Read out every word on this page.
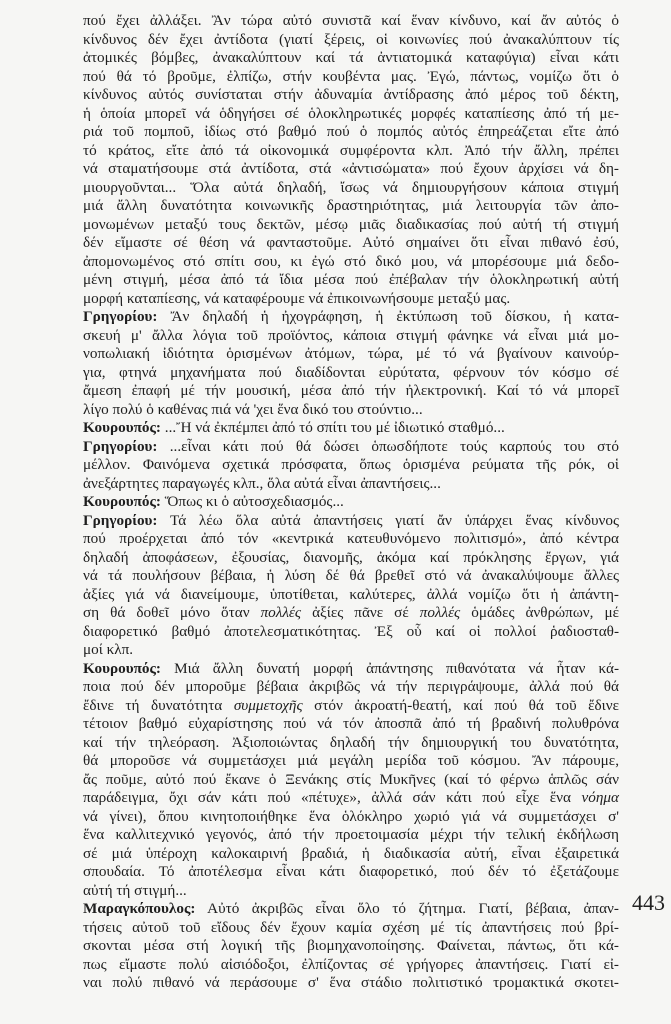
πού ἔχει ἀλλάξει. Ἂν τώρα αὐτό συνιστᾶ καί ἕναν κίνδυνο, καί ἄν αὐτός ὁ
κίνδυνος δέν ἔχει ἀντίδοτα (γιατί ξέρεις, οἱ κοινωνίες πού ἀνακαλύπτουν τίς
ἀτομικές βόμβες, ἀνακαλύπτουν καί τά ἀντιατομικά καταφύγια) εἶναι κάτι
πού θά τό βροῦμε, ἐλπίζω, στήν κουβέντα μας. Ἐγώ, πάντως, νομίζω ὅτι ὁ
κίνδυνος αὐτός συνίσταται στήν ἀδυναμία ἀντίδρασης ἀπό μέρος τοῦ δέκτη,
ἡ ὁποία μπορεῖ νά ὁδηγήσει σέ ὁλοκληρωτικές μορφές καταπίεσης ἀπό τή με-
ριά τοῦ πομποῦ, ἰδίως στό βαθμό πού ὁ πομπός αὐτός ἐπηρεάζεται εἴτε ἀπό
τό κράτος, εἴτε ἀπό τά οἰκονομικά συμφέροντα κλπ. Ἀπό τήν ἄλλη, πρέπει
νά σταματήσουμε στά ἀντίδοτα, στά «ἀντισώματα» πού ἔχουν ἀρχίσει νά δη-
μιουργοῦνται... Ὅλα αὐτά δηλαδή, ἴσως νά δημιουργήσουν κάποια στιγμή
μιά ἄλλη δυνατότητα κοινωνικῆς δραστηριότητας, μιά λειτουργία τῶν ἀπο-
μονωμένων μεταξύ τους δεκτῶν, μέσῳ μιᾶς διαδικασίας πού αὐτή τή στιγμή
δέν εἴμαστε σέ θέση νά φανταστοῦμε. Αὐτό σημαίνει ὅτι εἶναι πιθανό ἐσύ,
ἀπομονωμένος στό σπίτι σου, κι ἐγώ στό δικό μου, νά μπορέσουμε μιά δεδο-
μένη στιγμή, μέσα ἀπό τά ἴδια μέσα πού ἐπέβαλαν τήν ὁλοκληρωτική αὐτή
μορφή καταπίεσης, νά καταφέρουμε νά ἐπικοινωνήσουμε μεταξύ μας.
Γρηγορίου: Ἄν δηλαδή ἡ ἠχογράφηση, ἡ ἐκτύπωση τοῦ δίσκου, ἡ κατα-
σκευή μ' ἄλλα λόγια τοῦ προϊόντος, κάποια στιγμή φάνηκε νά εἶναι μιά μο-
νοπωλιακή ἰδιότητα ὁρισμένων ἀτόμων, τώρα, μέ τό νά βγαίνουν καινούρ-
για, φτηνά μηχανήματα πού διαδίδονται εὐρύτατα, φέρνουν τόν κόσμο σέ
ἄμεση ἐπαφή μέ τήν μουσική, μέσα ἀπό τήν ἠλεκτρονική. Καί τό νά μπορεῖ
λίγο πολύ ὁ καθένας πιά νά 'χει ἕνα δικό του στούντιο...
Κουρουπός: ...Ἤ νά ἐκπέμπει ἀπό τό σπίτι του μέ ἰδιωτικό σταθμό...
Γρηγορίου: ...εἶναι κάτι πού θά δώσει ὁπωσδήποτε τούς καρπούς του στό
μέλλον. Φαινόμενα σχετικά πρόσφατα, ὅπως ὁρισμένα ρεύματα τῆς ρόκ, οἱ
ἀνεξάρτητες παραγωγές κλπ., ὅλα αὐτά εἶναι ἀπαντήσεις...
Κουρουπός: Ὅπως κι ὁ αὐτοσχεδιασμός...
Γρηγορίου: Τά λέω ὅλα αὐτά ἀπαντήσεις γιατί ἄν ὑπάρχει ἕνας κίνδυνος
πού προέρχεται ἀπό τόν «κεντρικά κατευθυνόμενο πολιτισμό», ἀπό κέντρα
δηλαδή ἀποφάσεων, ἐξουσίας, διανομῆς, ἀκόμα καί πρόκλησης ἔργων, γιά
νά τά πουλήσουν βέβαια, ἡ λύση δέ θά βρεθεῖ στό νά ἀνακαλύψουμε ἄλλες
ἀξίες γιά νά διανείμουμε, ὑποτίθεται, καλύτερες, ἀλλά νομίζω ὅτι ἡ ἀπάντη-
ση θά δοθεῖ μόνο ὅταν πολλές ἀξίες πᾶνε σέ πολλές ὁμάδες ἀνθρώπων, μέ
διαφορετικό βαθμό ἀποτελεσματικότητας. Ἐξ οὗ καί οἱ πολλοί ῥαδιοσταθ-
μοί κλπ.
Κουρουπός: Μιά ἄλλη δυνατή μορφή ἀπάντησης πιθανότατα νά ἦταν κά-
ποια πού δέν μποροῦμε βέβαια ἀκριβῶς νά τήν περιγράψουμε, ἀλλά πού θά
ἔδινε τή δυνατότητα συμμετοχῆς στόν ἀκροατή-θεατή, καί πού θά τοῦ ἔδινε
τέτοιον βαθμό εὐχαρίστησης πού νά τόν ἀποσπᾶ ἀπό τή βραδινή πολυθρόνα
καί τήν τηλεόραση. Ἀξιοποιώντας δηλαδή τήν δημιουργική του δυνατότητα,
θά μποροῦσε νά συμμετάσχει μιά μεγάλη μερίδα τοῦ κόσμου. Ἄν πάρουμε,
ἄς ποῦμε, αὐτό πού ἔκανε ὁ Ξενάκης στίς Μυκῆνες (καί τό φέρνω ἁπλῶς σάν
παράδειγμα, ὄχι σάν κάτι πού «πέτυχε», ἀλλά σάν κάτι πού εἶχε ἕνα νόημα
νά γίνει), ὅπου κινητοποιήθηκε ἕνα ὁλόκληρο χωριό γιά νά συμμετάσχει σ'
ἕνα καλλιτεχνικό γεγονός, ἀπό τήν προετοιμασία μέχρι τήν τελική ἐκδήλωση
σέ μιά ὑπέροχη καλοκαιρινή βραδιά, ἡ διαδικασία αὐτή, εἶναι ἐξαιρετικά
σπουδαία. Τό ἀποτέλεσμα εἶναι κάτι διαφορετικό, πού δέν τό ἐξετάζουμε
αὐτή τή στιγμή...
Μαραγκόπουλος: Αὐτό ἀκριβῶς εἶναι ὅλο τό ζήτημα. Γιατί, βέβαια, ἀπαν-
τήσεις αὐτοῦ τοῦ εἴδους δέν ἔχουν καμία σχέση μέ τίς ἀπαντήσεις πού βρί-
σκονται μέσα στή λογική τῆς βιομηχανοποίησης. Φαίνεται, πάντως, ὅτι κά-
πως εἴμαστε πολύ αἰσιόδοξοι, ἐλπίζοντας σέ γρήγορες ἀπαντήσεις. Γιατί εἰ-
ναι πολύ πιθανό νά περάσουμε σ' ἕνα στάδιο πολιτιστικό τρομακτικά σκοτει-
443
